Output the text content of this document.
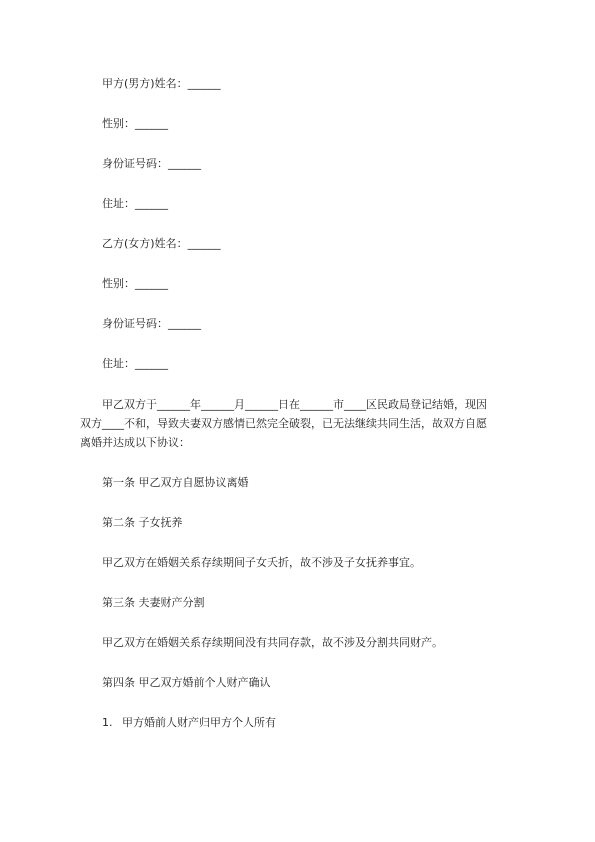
甲方(男方)姓名：______

性别：______

身份证号码：______

住址：______

乙方(女方)姓名：______

性别：______

身份证号码：______

住址：______

甲乙双方于______年______月______日在______市____区民政局登记结婚，现因双方____不和，导致夫妻双方感情已然完全破裂，已无法继续共同生活，故双方自愿离婚并达成以下协议：

第一条 甲乙双方自愿协议离婚

第二条 子女抚养

甲乙双方在婚姻关系存续期间子女夭折，故不涉及子女抚养事宜。

第三条 夫妻财产分割

甲乙双方在婚姻关系存续期间没有共同存款，故不涉及分割共同财产。

第四条 甲乙双方婚前个人财产确认

1. 甲方婚前人财产归甲方个人所有
